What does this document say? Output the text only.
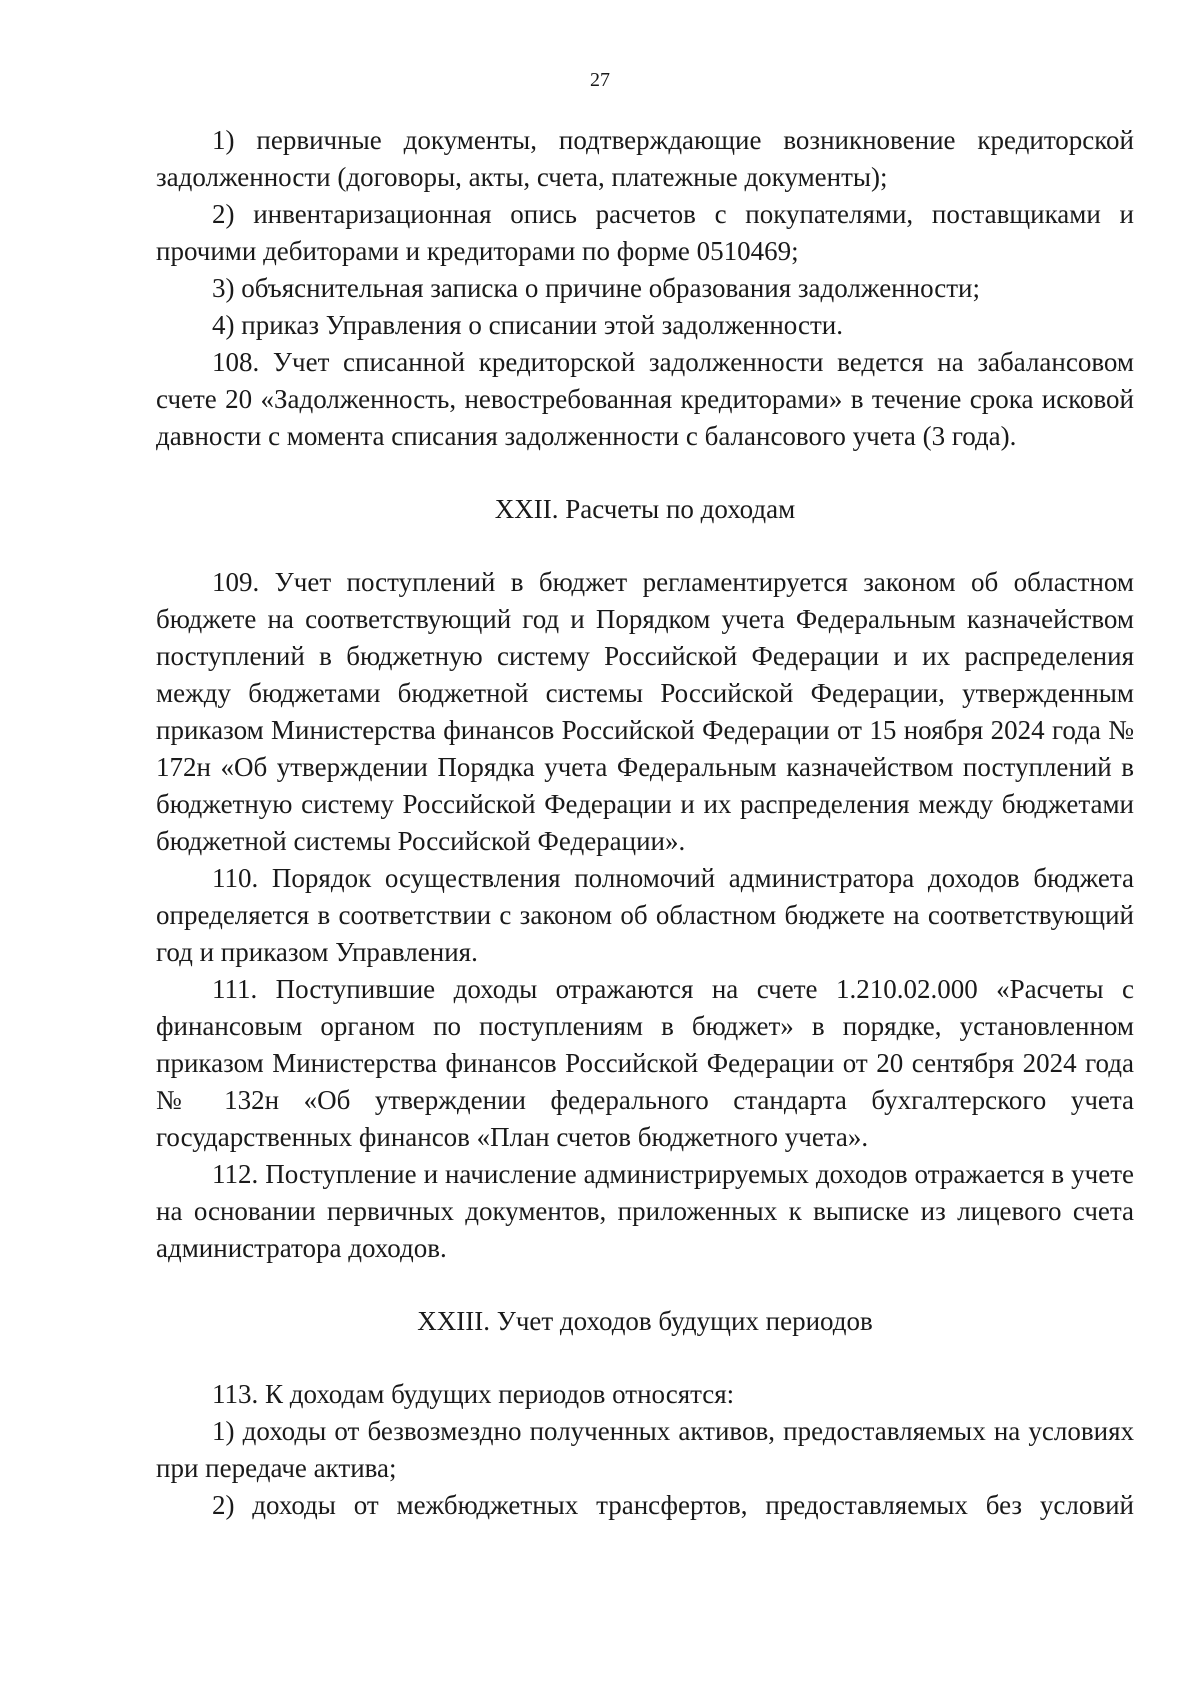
27

1) первичные документы, подтверждающие возникновение кредиторской задолженности (договоры, акты, счета, платежные документы);

2) инвентаризационная опись расчетов с покупателями, поставщиками и прочими дебиторами и кредиторами по форме 0510469;

3) объяснительная записка о причине образования задолженности;

4) приказ Управления о списании этой задолженности.

108. Учет списанной кредиторской задолженности ведется на забалансовом счете 20 «Задолженность, невостребованная кредиторами» в течение срока исковой давности с момента списания задолженности с балансового учета (3 года).

XXII. Расчеты по доходам

109. Учет поступлений в бюджет регламентируется законом об областном бюджете на соответствующий год и Порядком учета Федеральным казначейством поступлений в бюджетную систему Российской Федерации и их распределения между бюджетами бюджетной системы Российской Федерации, утвержденным приказом Министерства финансов Российской Федерации от 15 ноября 2024 года № 172н «Об утверждении Порядка учета Федеральным казначейством поступлений в бюджетную систему Российской Федерации и их распределения между бюджетами бюджетной системы Российской Федерации».

110. Порядок осуществления полномочий администратора доходов бюджета определяется в соответствии с законом об областном бюджете на соответствующий год и приказом Управления.

111. Поступившие доходы отражаются на счете 1.210.02.000 «Расчеты с финансовым органом по поступлениям в бюджет» в порядке, установленном приказом Министерства финансов Российской Федерации от 20 сентября 2024 года № 132н «Об утверждении федерального стандарта бухгалтерского учета государственных финансов «План счетов бюджетного учета».

112. Поступление и начисление администрируемых доходов отражается в учете на основании первичных документов, приложенных к выписке из лицевого счета администратора доходов.

XXIII. Учет доходов будущих периодов

113. К доходам будущих периодов относятся:

1) доходы от безвозмездно полученных активов, предоставляемых на условиях при передаче актива;

2) доходы от межбюджетных трансфертов, предоставляемых без условий
